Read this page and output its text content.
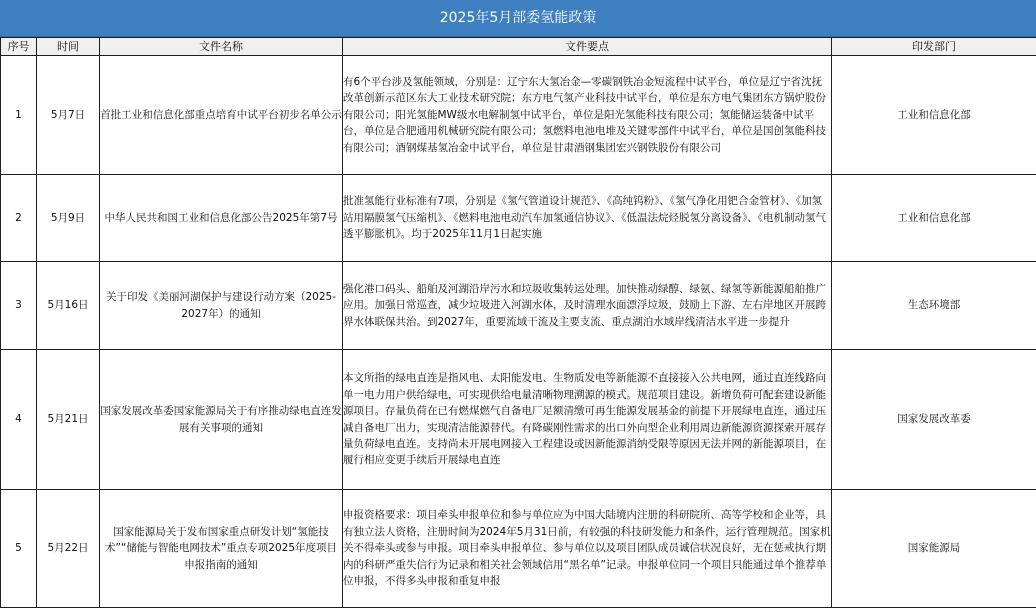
2025年5月部委氢能政策
序号	时间	文件名称	文件要点	印发部门
1	5月7日	首批工业和信息化部重点培育中试平台初步名单公示	有6个平台涉及氢能领域，分别是：辽宁东大氢冶金—零碳钢铁冶金短流程中试平台，单位是辽宁省沈抚改革创新示范区东大工业技术研究院；东方电气氢产业科技中试平台，单位是东方电气集团东方锅炉股份有限公司；阳光氢能MW级水电解制氢中试平台，单位是阳光氢能科技有限公司；氢能储运装备中试平台，单位是合肥通用机械研究院有限公司；氢燃料电池电堆及关键零部件中试平台，单位是国创氢能科技有限公司；酒钢煤基氢冶金中试平台，单位是甘肃酒钢集团宏兴钢铁股份有限公司	工业和信息化部
2	5月9日	中华人民共和国工业和信息化部公告2025年第7号	批准氢能行业标准有7项，分别是《氢气管道设计规范》、《高纯钨粉》、《氢气净化用钯合金管材》、《加氢站用隔膜氢气压缩机》、《燃料电池电动汽车加氢通信协议》、《低温法烷烃脱氢分离设备》、《电机制动氢气透平膨胀机》。均于2025年11月1日起实施	工业和信息化部
3	5月16日	关于印发《美丽河湖保护与建设行动方案（2025-2027年）的通知	强化港口码头、船舶及河湖沿岸污水和垃圾收集转运处理。加快推动绿醇、绿氨、绿氢等新能源船舶推广应用。加强日常巡查，减少垃圾进入河湖水体，及时清理水面漂浮垃圾，鼓励上下游、左右岸地区开展跨界水体联保共治。到2027年，重要流域干流及主要支流、重点湖泊水域岸线清洁水平进一步提升	生态环境部
4	5月21日	国家发展改革委国家能源局关于有序推动绿电直连发展有关事项的通知	本文所指的绿电直连是指风电、太阳能发电、生物质发电等新能源不直接接入公共电网，通过直连线路向单一电力用户供给绿电，可实现供给电量清晰物理溯源的模式。规范项目建设。新增负荷可配套建设新能源项目。存量负荷在已有燃煤燃气自备电厂足额清缴可再生能源发展基金的前提下开展绿电直连，通过压减自备电厂出力，实现清洁能源替代。有降碳刚性需求的出口外向型企业利用周边新能源资源探索开展存量负荷绿电直连。支持尚未开展电网接入工程建设或因新能源消纳受限等原因无法并网的新能源项目，在履行相应变更手续后开展绿电直连	国家发展改革委
5	5月22日	国家能源局关于发布国家重点研发计划“氢能技术”“储能与智能电网技术”重点专项2025年度项目申报指南的通知	申报资格要求：项目牵头申报单位和参与单位应为中国大陆境内注册的科研院所、高等学校和企业等，具有独立法人资格，注册时间为2024年5月31日前，有较强的科技研发能力和条件，运行管理规范。国家机关不得牵头或参与申报。项目牵头申报单位、参与单位以及项目团队成员诚信状况良好，无在惩戒执行期内的科研严重失信行为记录和相关社会领域信用“黑名单”记录。申报单位同一个项目只能通过单个推荐单位申报，不得多头申报和重复申报	国家能源局
